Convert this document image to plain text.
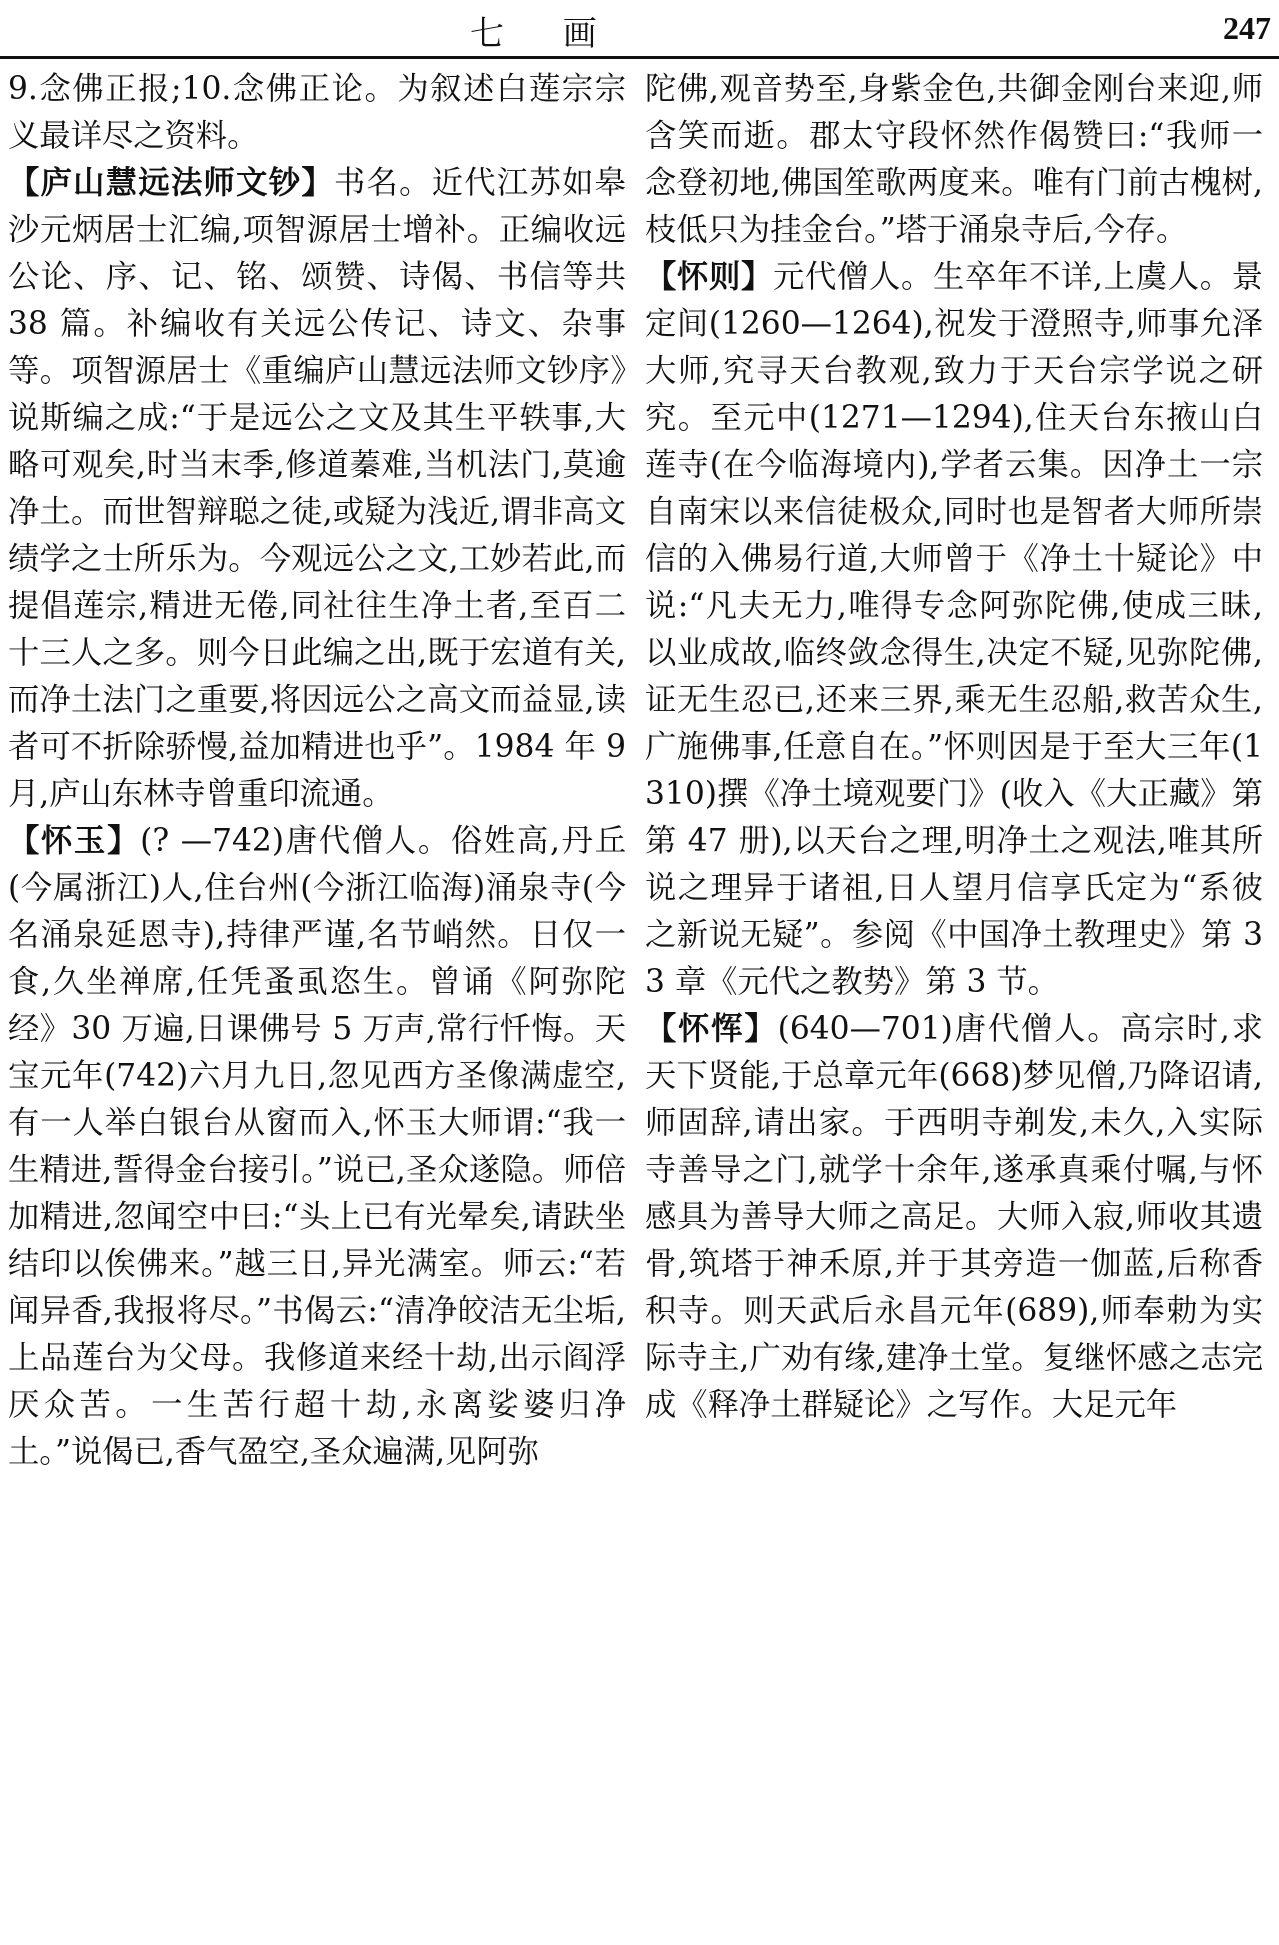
七 画	247

9.念佛正报;10.念佛正论。为叙述白莲宗宗义最详尽之资料。

【庐山慧远法师文钞】书名。近代江苏如皋沙元炳居士汇编,项智源居士增补。正编收远公论、序、记、铭、颂赞、诗偈、书信等共 38 篇。补编收有关远公传记、诗文、杂事等。项智源居士《重编庐山慧远法师文钞序》说斯编之成:“于是远公之文及其生平轶事,大略可观矣,时当末季,修道蓁难,当机法门,莫逾净土。而世智辩聪之徒,或疑为浅近,谓非高文绩学之士所乐为。今观远公之文,工妙若此,而提倡莲宗,精进无倦,同社往生净土者,至百二十三人之多。则今日此编之出,既于宏道有关,而净土法门之重要,将因远公之高文而益显,读者可不折除骄慢,益加精进也乎”。1984 年 9 月,庐山东林寺曾重印流通。

【怀玉】(? —742)唐代僧人。俗姓高,丹丘(今属浙江)人,住台州(今浙江临海)涌泉寺(今名涌泉延恩寺),持律严谨,名节峭然。日仅一食,久坐禅席,任凭蚤虱恣生。曾诵《阿弥陀经》30 万遍,日课佛号 5 万声,常行忏悔。天宝元年(742)六月九日,忽见西方圣像满虚空,有一人举白银台从窗而入,怀玉大师谓:“我一生精进,誓得金台接引。”说已,圣众遂隐。师倍加精进,忽闻空中曰:“头上已有光晕矣,请趺坐结印以俟佛来。”越三日,异光满室。师云:“若闻异香,我报将尽。”书偈云:“清净皎洁无尘垢,上品莲台为父母。我修道来经十劫,出示阎浮厌众苦。一生苦行超十劫,永离娑婆归净土。”说偈已,香气盈空,圣众遍满,见阿弥

陀佛,观音势至,身紫金色,共御金刚台来迎,师含笑而逝。郡太守段怀然作偈赞曰:“我师一念登初地,佛国笙歌两度来。唯有门前古槐树,枝低只为挂金台。”塔于涌泉寺后,今存。

【怀则】元代僧人。生卒年不详,上虞人。景定间(1260—1264),祝发于澄照寺,师事允泽大师,究寻天台教观,致力于天台宗学说之研究。至元中(1271—1294),住天台东掖山白莲寺(在今临海境内),学者云集。因净土一宗自南宋以来信徒极众,同时也是智者大师所崇信的入佛易行道,大师曾于《净土十疑论》中说:“凡夫无力,唯得专念阿弥陀佛,使成三昧,以业成故,临终敛念得生,决定不疑,见弥陀佛,证无生忍已,还来三界,乘无生忍船,救苦众生,广施佛事,任意自在。”怀则因是于至大三年(1310)撰《净土境观要门》(收入《大正藏》第第 47 册),以天台之理,明净土之观法,唯其所说之理异于诸祖,日人望月信享氏定为“系彼之新说无疑”。参阅《中国净土教理史》第 33 章《元代之教势》第 3 节。

【怀恽】(640—701)唐代僧人。高宗时,求天下贤能,于总章元年(668)梦见僧,乃降诏请,师固辞,请出家。于西明寺剃发,未久,入实际寺善导之门,就学十余年,遂承真乘付嘱,与怀感具为善导大师之高足。大师入寂,师收其遗骨,筑塔于神禾原,并于其旁造一伽蓝,后称香积寺。则天武后永昌元年(689),师奉勅为实际寺主,广劝有缘,建净土堂。复继怀感之志完成《释净土群疑论》之写作。大足元年
